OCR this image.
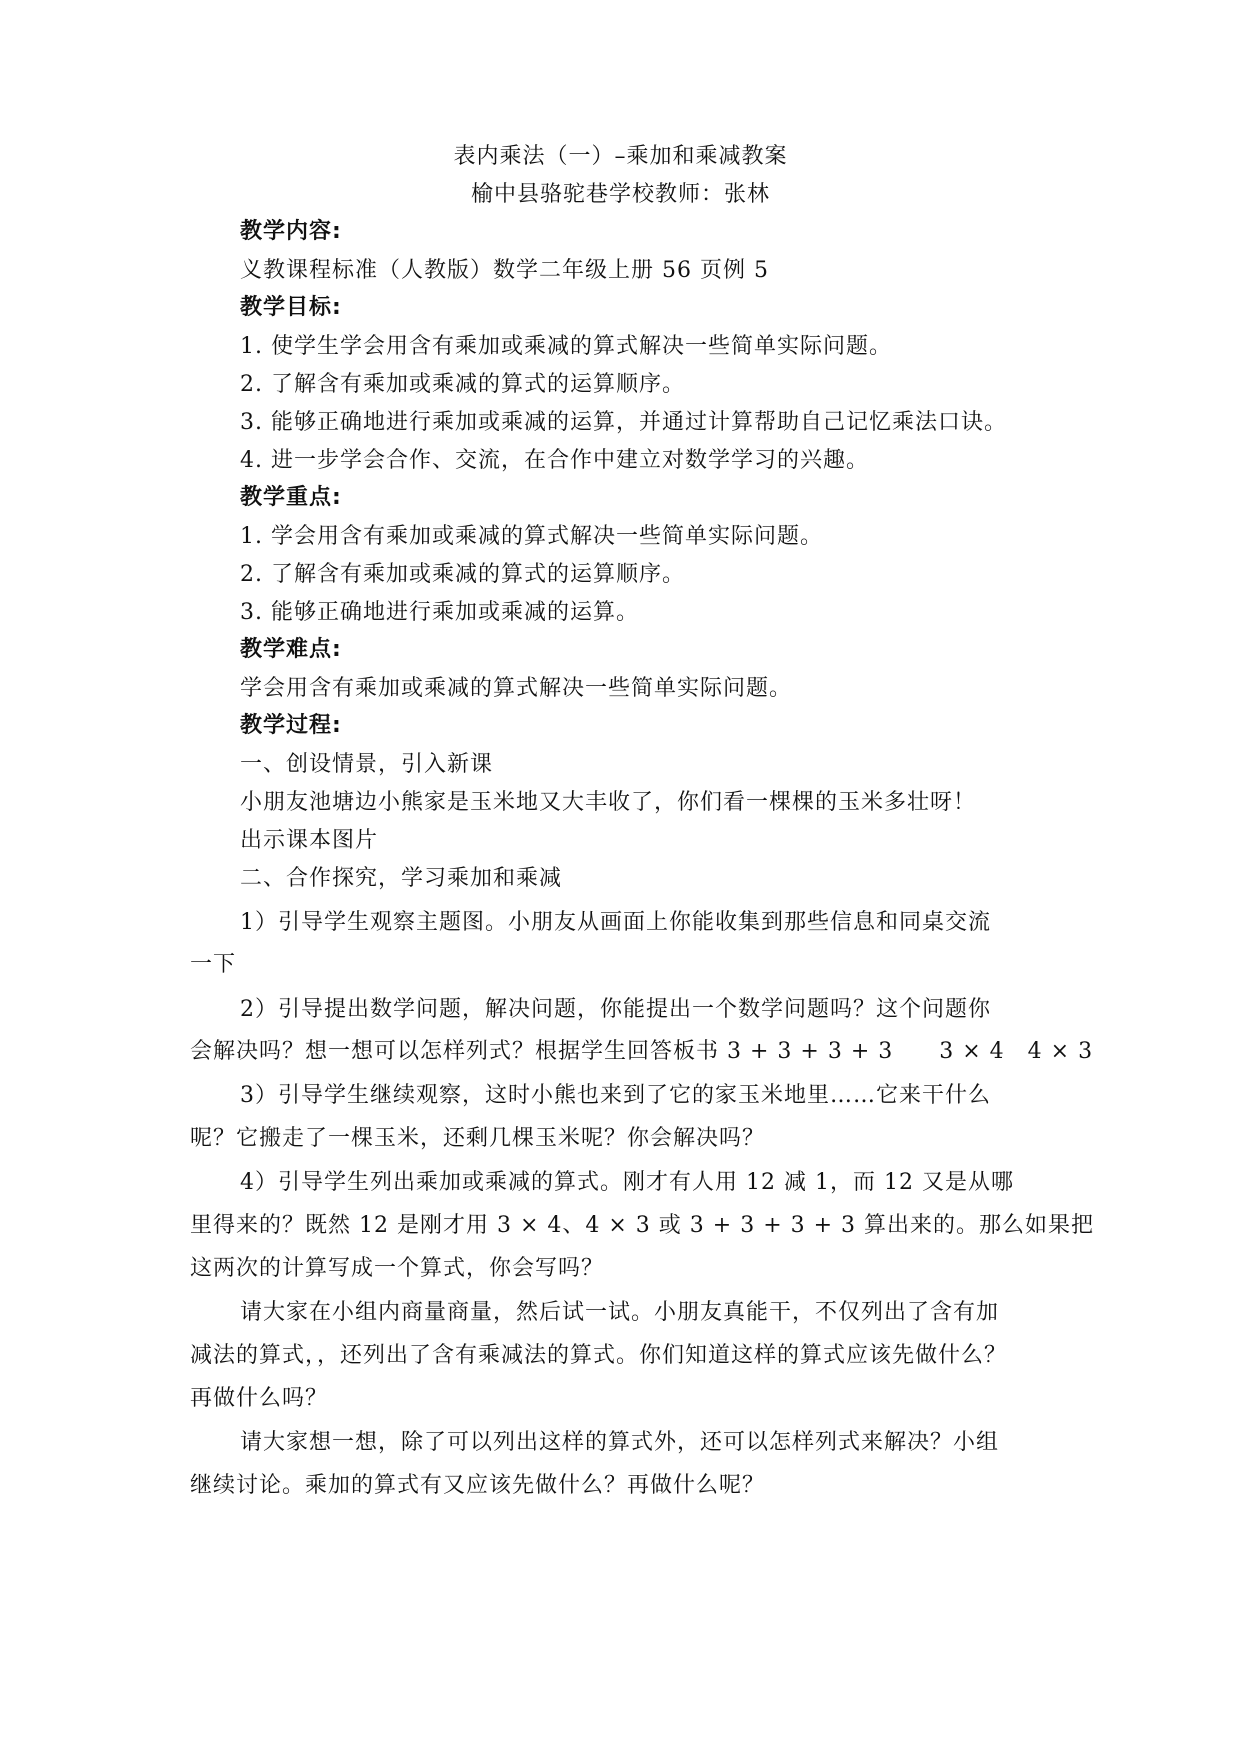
表内乘法（一）–乘加和乘减教案
榆中县骆驼巷学校教师：张林
教学内容:
义教课程标准（人教版）数学二年级上册 56 页例 5
教学目标:
1. 使学生学会用含有乘加或乘减的算式解决一些简单实际问题。
2. 了解含有乘加或乘减的算式的运算顺序。
3. 能够正确地进行乘加或乘减的运算，并通过计算帮助自己记忆乘法口诀。
4. 进一步学会合作、交流，在合作中建立对数学学习的兴趣。
教学重点:
1. 学会用含有乘加或乘减的算式解决一些简单实际问题。
2. 了解含有乘加或乘减的算式的运算顺序。
3. 能够正确地进行乘加或乘减的运算。
教学难点:
学会用含有乘加或乘减的算式解决一些简单实际问题。
教学过程:
一、创设情景，引入新课
小朋友池塘边小熊家是玉米地又大丰收了，你们看一棵棵的玉米多壮呀！
出示课本图片
二、合作探究，学习乘加和乘减
1）引导学生观察主题图。小朋友从画面上你能收集到那些信息和同桌交流
一下
2）引导提出数学问题，解决问题，你能提出一个数学问题吗？这个问题你
会解决吗？想一想可以怎样列式？根据学生回答板书 3 + 3 + 3 + 3　　3 × 4　4 × 3
3）引导学生继续观察，这时小熊也来到了它的家玉米地里……它来干什么
呢？它搬走了一棵玉米，还剩几棵玉米呢？你会解决吗？
4）引导学生列出乘加或乘减的算式。刚才有人用 12 减 1，而 12 又是从哪
里得来的？既然 12 是刚才用 3 × 4、4 × 3 或 3 + 3 + 3 + 3 算出来的。那么如果把
这两次的计算写成一个算式，你会写吗？
请大家在小组内商量商量，然后试一试。小朋友真能干，不仅列出了含有加
减法的算式，，还列出了含有乘减法的算式。你们知道这样的算式应该先做什么？
再做什么吗？
请大家想一想，除了可以列出这样的算式外，还可以怎样列式来解决？小组
继续讨论。乘加的算式有又应该先做什么？再做什么呢？
